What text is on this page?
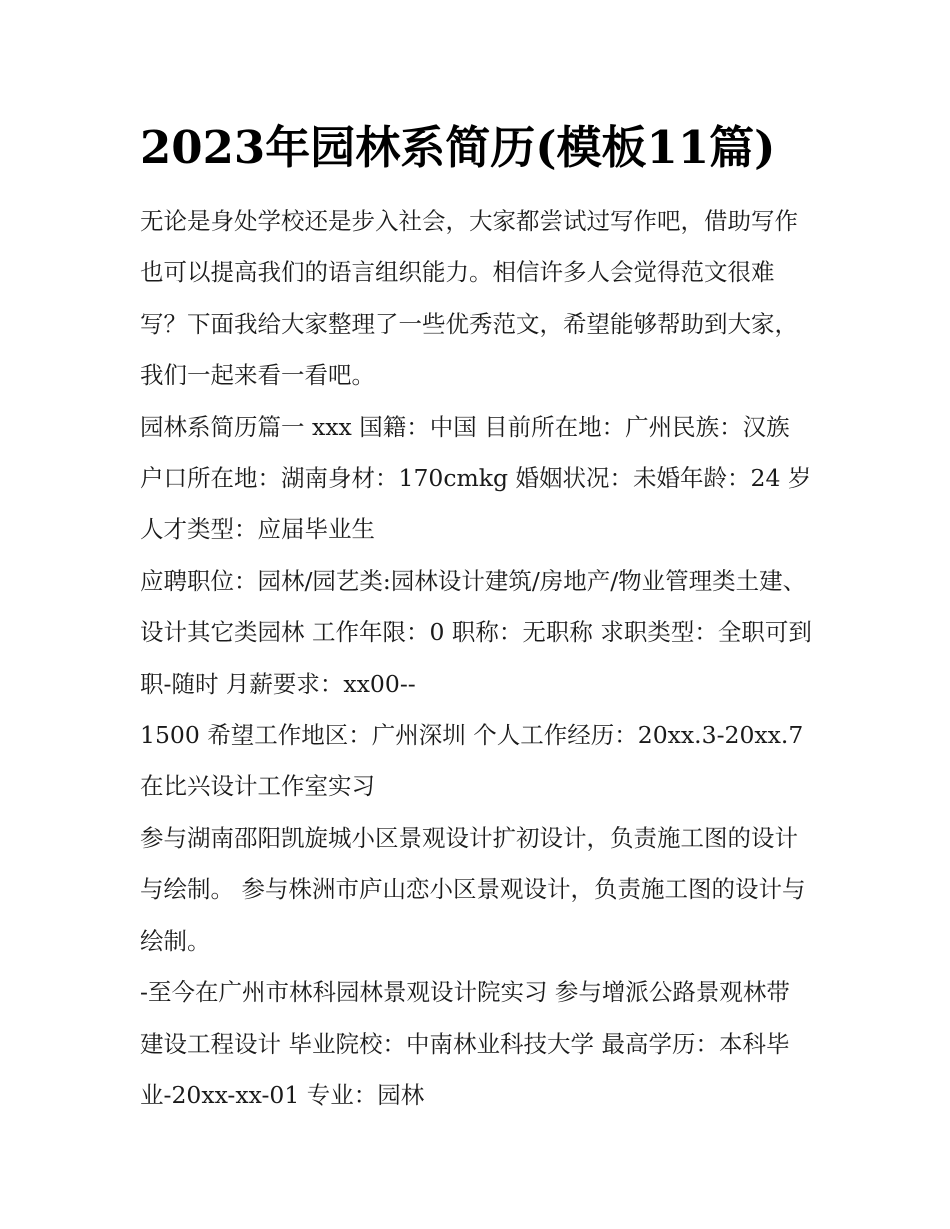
2023年园林系简历(模板11篇)

无论是身处学校还是步入社会，大家都尝试过写作吧，借助写作也可以提高我们的语言组织能力。相信许多人会觉得范文很难写？下面我给大家整理了一些优秀范文，希望能够帮助到大家，我们一起来看一看吧。

园林系简历篇一 xxx 国籍：中国 目前所在地：广州民族：汉族 户口所在地：湖南身材：170cmkg 婚姻状况：未婚年龄：24 岁 人才类型：应届毕业生

应聘职位：园林/园艺类:园林设计建筑/房地产/物业管理类土建、设计其它类园林 工作年限：0 职称：无职称 求职类型：全职可到职-随时 月薪要求：xx00--

1500 希望工作地区：广州深圳 个人工作经历：20xx.3-20xx.7 在比兴设计工作室实习

参与湖南邵阳凯旋城小区景观设计扩初设计，负责施工图的设计与绘制。 参与株洲市庐山恋小区景观设计，负责施工图的设计与绘制。

-至今在广州市林科园林景观设计院实习 参与增派公路景观林带建设工程设计 毕业院校：中南林业科技大学 最高学历：本科毕业-20xx-xx-01 专业：园林
